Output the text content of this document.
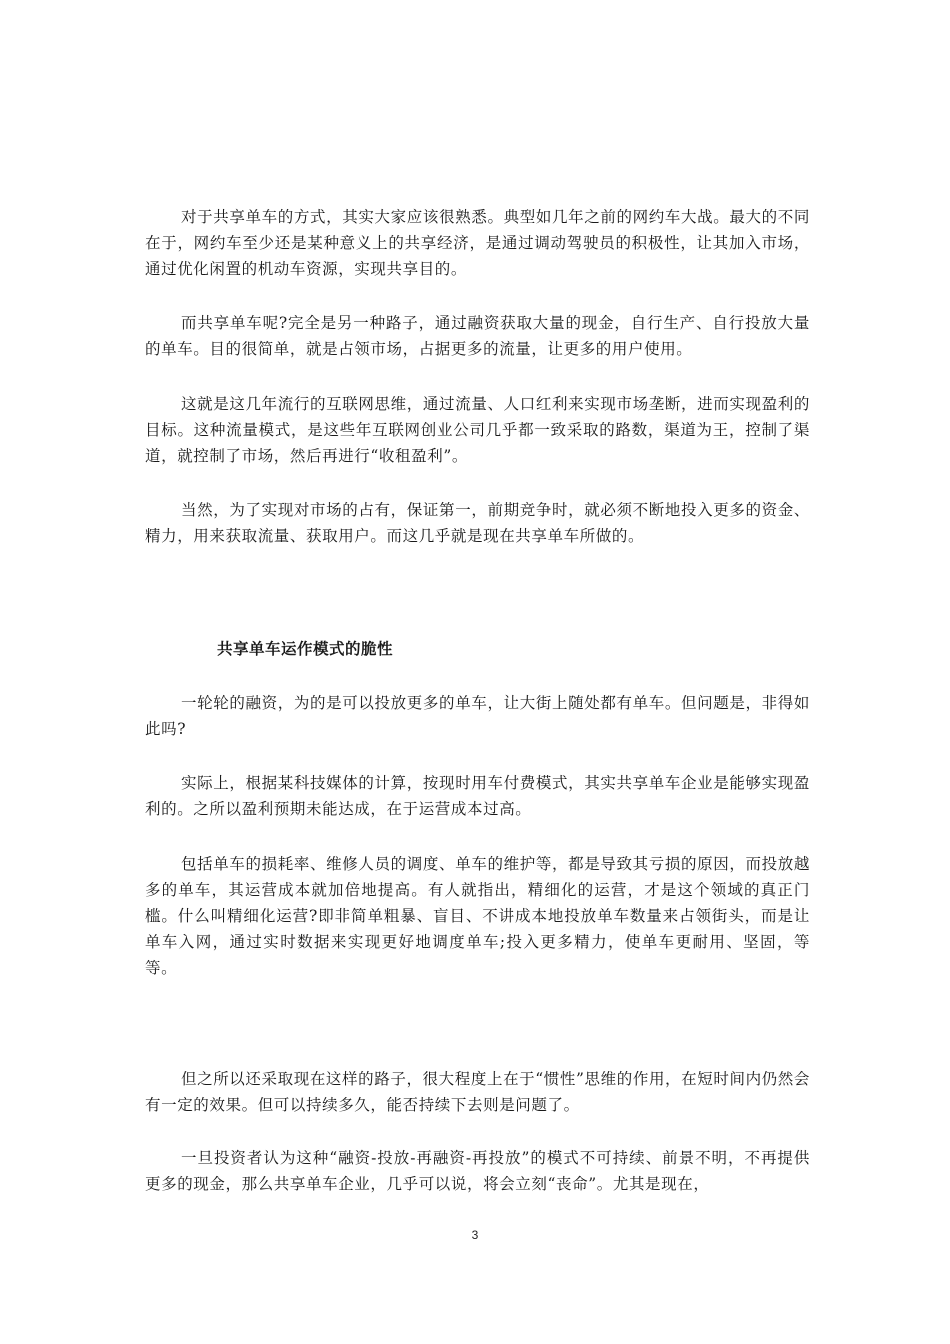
对于共享单车的方式，其实大家应该很熟悉。典型如几年之前的网约车大战。最大的不同在于，网约车至少还是某种意义上的共享经济，是通过调动驾驶员的积极性，让其加入市场，通过优化闲置的机动车资源，实现共享目的。

而共享单车呢?完全是另一种路子，通过融资获取大量的现金，自行生产、自行投放大量的单车。目的很简单，就是占领市场，占据更多的流量，让更多的用户使用。

这就是这几年流行的互联网思维，通过流量、人口红利来实现市场垄断，进而实现盈利的目标。这种流量模式，是这些年互联网创业公司几乎都一致采取的路数，渠道为王，控制了渠道，就控制了市场，然后再进行“收租盈利”。

当然，为了实现对市场的占有，保证第一，前期竞争时，就必须不断地投入更多的资金、精力，用来获取流量、获取用户。而这几乎就是现在共享单车所做的。

共享单车运作模式的脆性

一轮轮的融资，为的是可以投放更多的单车，让大街上随处都有单车。但问题是，非得如此吗?

实际上，根据某科技媒体的计算，按现时用车付费模式，其实共享单车企业是能够实现盈利的。之所以盈利预期未能达成，在于运营成本过高。

包括单车的损耗率、维修人员的调度、单车的维护等，都是导致其亏损的原因，而投放越多的单车，其运营成本就加倍地提高。有人就指出，精细化的运营，才是这个领域的真正门槛。什么叫精细化运营?即非简单粗暴、盲目、不讲成本地投放单车数量来占领街头，而是让单车入网，通过实时数据来实现更好地调度单车;投入更多精力，使单车更耐用、坚固，等等。

但之所以还采取现在这样的路子，很大程度上在于“惯性”思维的作用，在短时间内仍然会有一定的效果。但可以持续多久，能否持续下去则是问题了。

一旦投资者认为这种“融资-投放-再融资-再投放”的模式不可持续、前景不明，不再提供更多的现金，那么共享单车企业，几乎可以说，将会立刻“丧命”。尤其是现在，

3
